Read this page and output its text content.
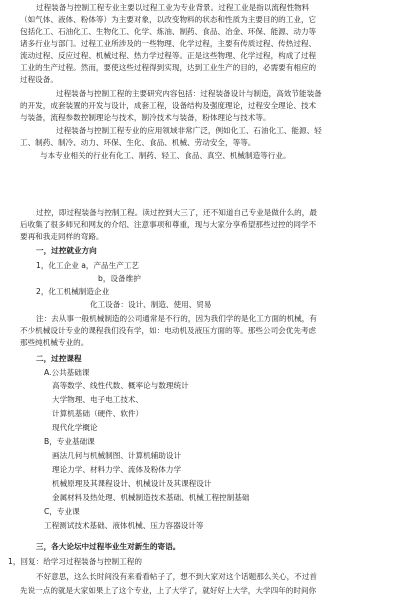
过程装备与控制工程专业主要以过程工业为专业背景。过程工业是指以流程性物料
（如气体、液体、粉体等）为主要对象，以改变物料的状态和性质为主要目的的工业，它
包括化工、石油化工、生物化工、化学、炼油、制药、食品、冶金、环保、能源、动力等
诸多行业与部门。过程工业所涉及的一些物理、化学过程，主要有传质过程、传热过程、
流动过程、反应过程、机械过程、热力学过程等。正是这些物理、化学过程，构成了过程
工业的生产过程。然而，要使这些过程得到实现，达到工业生产的目的，必需要有相应的
过程设备。
过程装备与控制工程的主要研究内容包括：过程装备设计与制造，高效节能装备
的开发，成套装置的开发与设计，成套工程，设备结构及强度理论，过程安全理论、技术
与装备，流程参数控制理论与技术，制冷技术与装备，粉体理论与技术等。
过程装备与控制工程专业的应用领域非常广泛，例如化工、石油化工、能源、轻
工、制药、制冷、动力、环保、生化、食品、机械、劳动安全，等等。
与本专业相关的行业有化工、制药、轻工、食品、真空、机械制造等行业。
过控，即过程装备与控制工程。读过控到大三了，还不知道自己专业是做什么的，最
后收集了很多师兄和网友的介绍、注意事项和尊重，现与大家分享希望那些过控的同学不
要再和我走同样的弯路。
一，过控就业方向
1，化工企业 a，产品生产工艺
b，设备维护
2，化工机械制造企业
化工设备：设计、制造、使用、贸易
注：去从事一般机械制造的公司通常是不行的，因为我们学的是化工方面的机械，有
不少机械设计专业的课程我们没有学，如：电动机及液压方面的等。那些公司会优先考虑
那些纯机械专业的。
二，过控课程
A.公共基础课
高等数学、线性代数、概率论与数理统计
大学物理、电子电工技术、
计算机基础（硬件、软件）
现代化学概论
B，专业基础课
画法几何与机械制图、计算机辅助设计
理论力学、材料力学、流体及粉体力学
机械原理及其课程设计、机械设计及其课程设计
金属材料及热处理、机械制造技术基础、机械工程控制基础
C，专业课
工程测试技术基础、液体机械、压力容器设计等
三，各大论坛中过程毕业生对新生的寄语。
1，回复：给学习过程装备与控制工程的
不好意思，这么长时间没有来看看帖子了，想不到大家对这个话题那么关心，不过首
先说一点的就是大家如果上了这个专业，上了大学了，就好好上大学，大学四年的时间你
